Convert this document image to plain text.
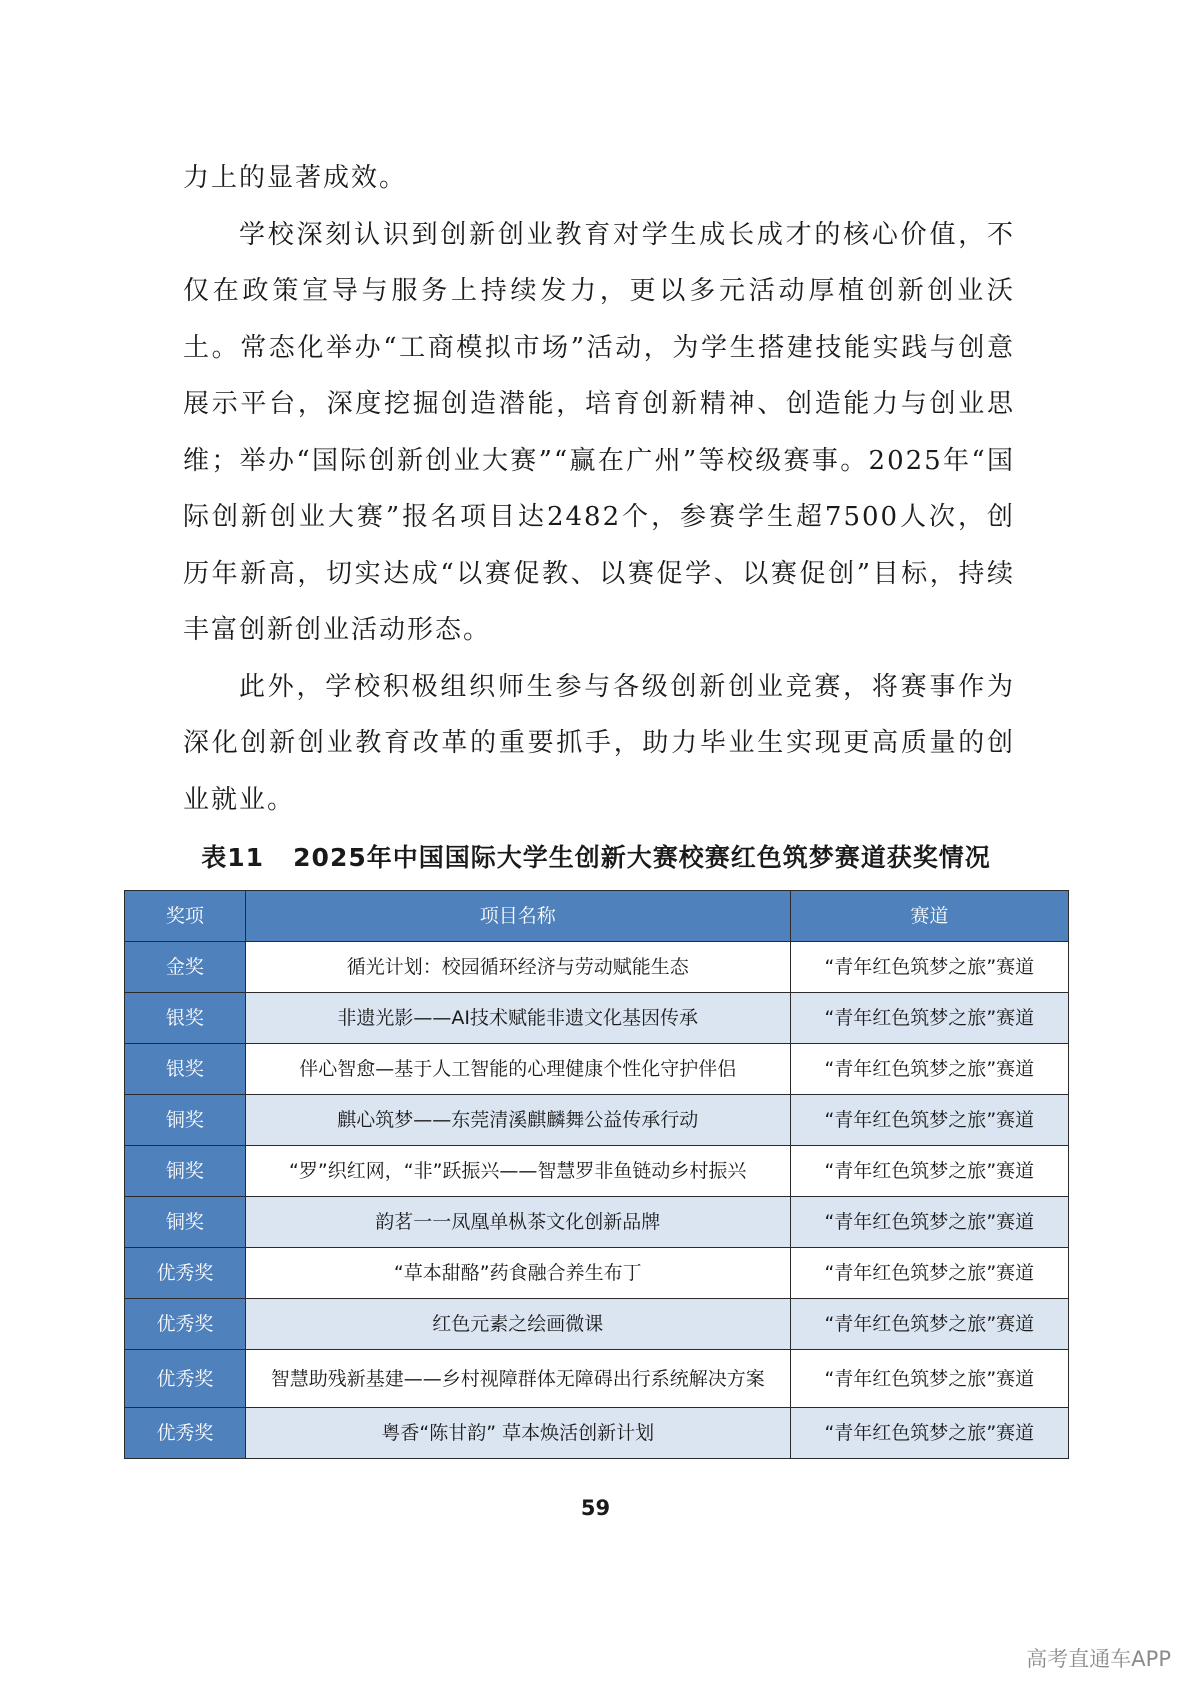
力上的显著成效。

学校深刻认识到创新创业教育对学生成长成才的核心价值，不仅在政策宣导与服务上持续发力，更以多元活动厚植创新创业沃土。常态化举办“工商模拟市场”活动，为学生搭建技能实践与创意展示平台，深度挖掘创造潜能，培育创新精神、创造能力与创业思维；举办“国际创新创业大赛”“赢在广州”等校级赛事。2025年“国际创新创业大赛”报名项目达2482个，参赛学生超7500人次，创历年新高，切实达成“以赛促教、以赛促学、以赛促创”目标，持续丰富创新创业活动形态。

此外，学校积极组织师生参与各级创新创业竞赛，将赛事作为深化创新创业教育改革的重要抓手，助力毕业生实现更高质量的创业就业。

表11   2025年中国国际大学生创新大赛校赛红色筑梦赛道获奖情况
奖项	项目名称	赛道
金奖	循光计划：校园循环经济与劳动赋能生态	“青年红色筑梦之旅”赛道
银奖	非遗光影——AI技术赋能非遗文化基因传承	“青年红色筑梦之旅”赛道
银奖	伴心智愈—基于人工智能的心理健康个性化守护伴侣	“青年红色筑梦之旅”赛道
铜奖	麒心筑梦——东莞清溪麒麟舞公益传承行动	“青年红色筑梦之旅”赛道
铜奖	“罗”织红网，“非”跃振兴——智慧罗非鱼链动乡村振兴	“青年红色筑梦之旅”赛道
铜奖	韵茗一一凤凰单枞茶文化创新品牌	“青年红色筑梦之旅”赛道
优秀奖	“草本甜酪”药食融合养生布丁	“青年红色筑梦之旅”赛道
优秀奖	红色元素之绘画微课	“青年红色筑梦之旅”赛道
优秀奖	智慧助残新基建——乡村视障群体无障碍出行系统解决方案	“青年红色筑梦之旅”赛道
优秀奖	粤香“陈甘韵” 草本焕活创新计划	“青年红色筑梦之旅”赛道
59
高考直通车APP
